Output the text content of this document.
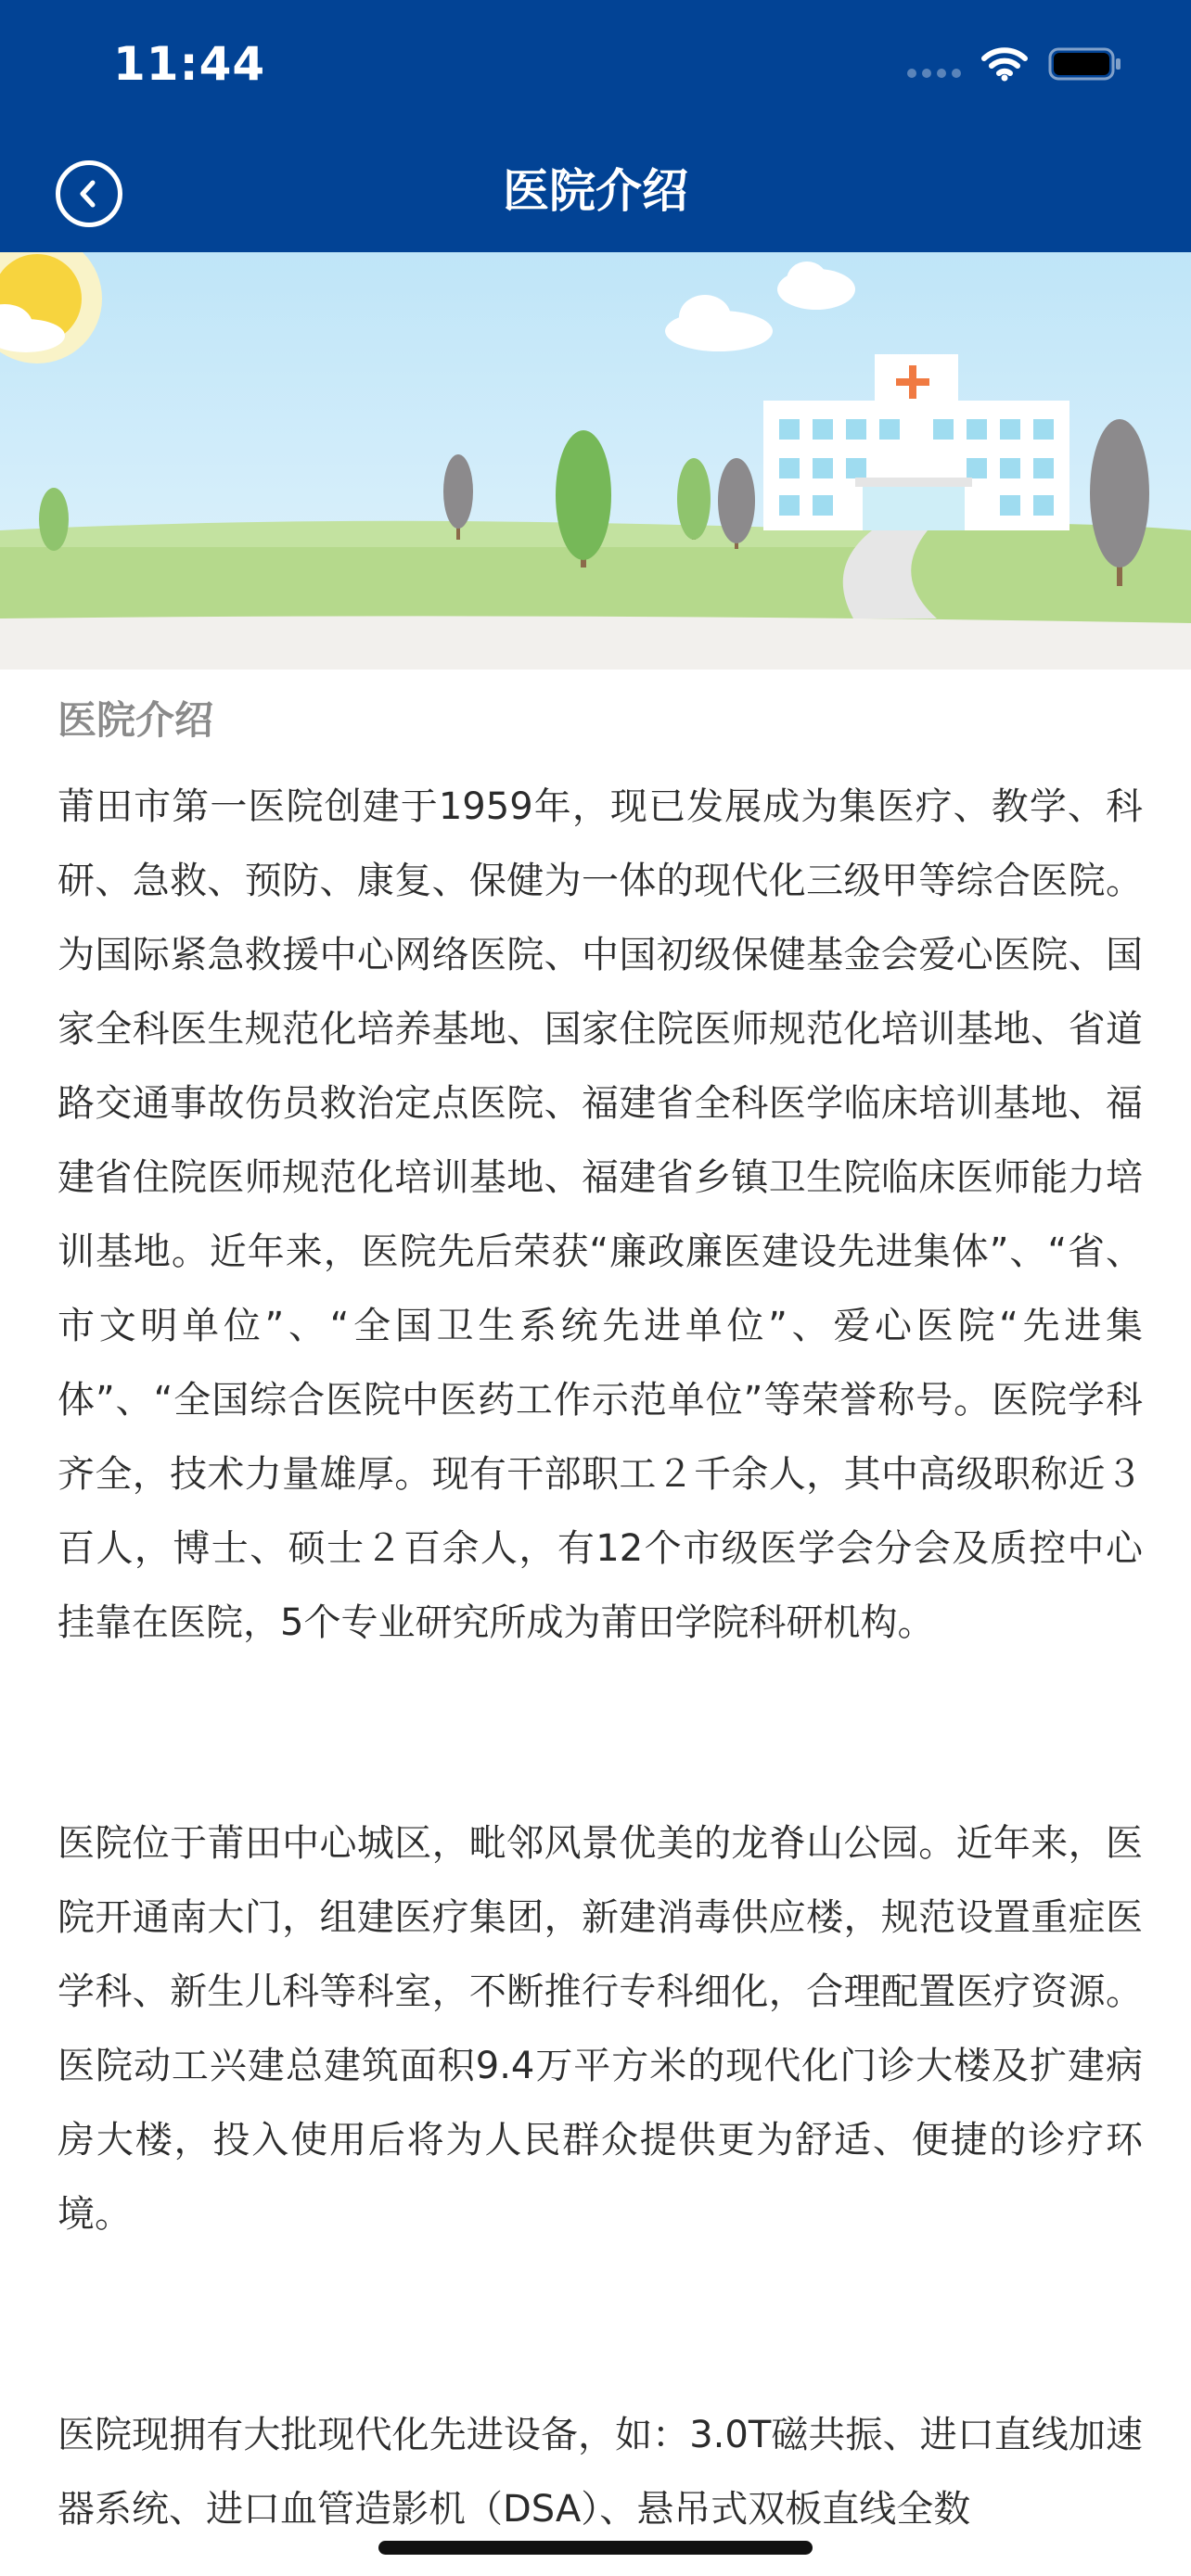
11:44
医院介绍
医院介绍

莆田市第一医院创建于1959年，现已发展成为集医疗、教学、科研、急救、预防、康复、保健为一体的现代化三级甲等综合医院。为国际紧急救援中心网络医院、中国初级保健基金会爱心医院、国家全科医生规范化培养基地、国家住院医师规范化培训基地、省道路交通事故伤员救治定点医院、福建省全科医学临床培训基地、福建省住院医师规范化培训基地、福建省乡镇卫生院临床医师能力培训基地。近年来，医院先后荣获“廉政廉医建设先进集体”、“省、市文明单位”、“全国卫生系统先进单位”、爱心医院“先进集体”、“全国综合医院中医药工作示范单位”等荣誉称号。医院学科齐全，技术力量雄厚。现有干部职工２千余人，其中高级职称近３百人，博士、硕士２百余人，有12个市级医学会分会及质控中心挂靠在医院，5个专业研究所成为莆田学院科研机构。

医院位于莆田中心城区，毗邻风景优美的龙脊山公园。近年来，医院开通南大门，组建医疗集团，新建消毒供应楼，规范设置重症医学科、新生儿科等科室，不断推行专科细化，合理配置医疗资源。医院动工兴建总建筑面积9.4万平方米的现代化门诊大楼及扩建病房大楼，投入使用后将为人民群众提供更为舒适、便捷的诊疗环境。

医院现拥有大批现代化先进设备，如：3.0T磁共振、进口直线加速器系统、进口血管造影机（DSA）、悬吊式双板直线全数
